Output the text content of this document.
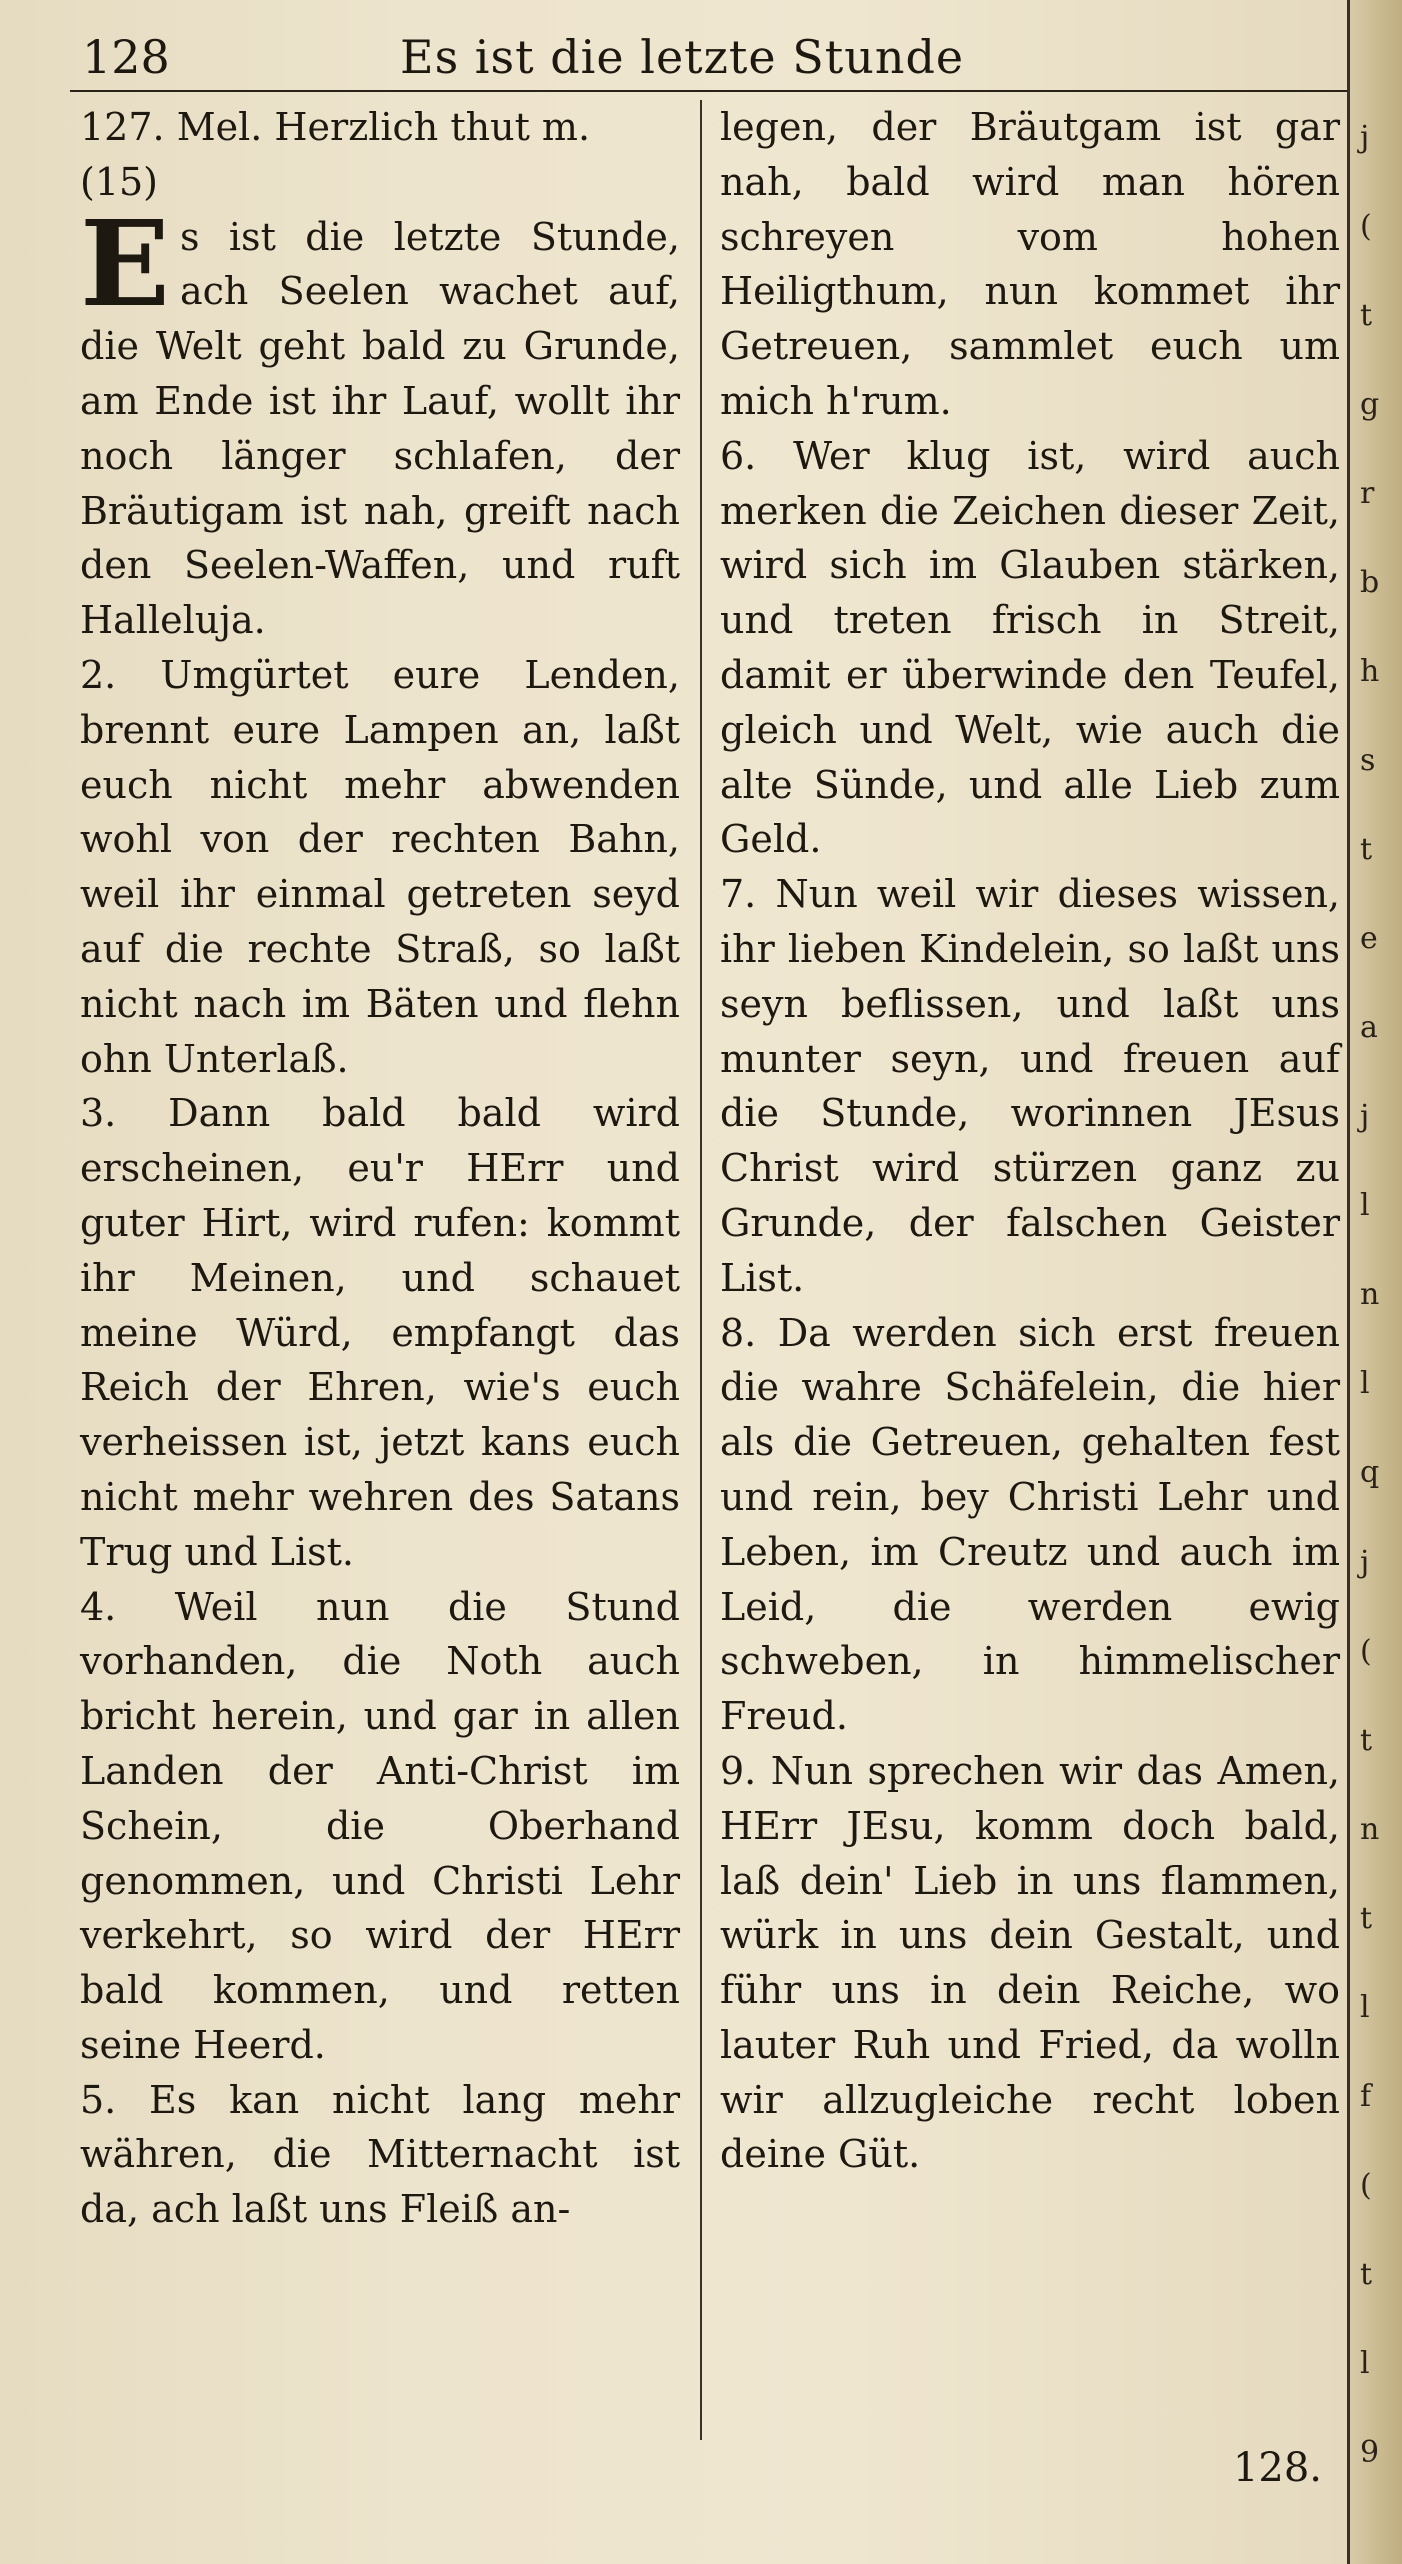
128	Es ist die letzte Stunde

127. Mel. Herzlich thut m.

(15)

Es ist die letzte Stunde, ach Seelen wachet auf, die Welt geht bald zu Grunde, am Ende ist ihr Lauf, wollt ihr noch länger schlafen, der Bräutigam ist nah, greift nach den Seelen-Waffen, und ruft Halleluja.

2. Umgürtet eure Lenden, brennt eure Lampen an, laßt euch nicht mehr abwenden wohl von der rechten Bahn, weil ihr einmal getreten seyd auf die rechte Straß, so laßt nicht nach im Bäten und flehn ohn Unterlaß.

3. Dann bald bald wird erscheinen, eu'r HErr und guter Hirt, wird rufen: kommt ihr Meinen, und schauet meine Würd, empfangt das Reich der Ehren, wie's euch verheissen ist, jetzt kans euch nicht mehr wehren des Satans Trug und List.

4. Weil nun die Stund vorhanden, die Noth auch bricht herein, und gar in allen Landen der Anti-Christ im Schein, die Oberhand genommen, und Christi Lehr verkehrt, so wird der HErr bald kommen, und retten seine Heerd.

5. Es kan nicht lang mehr währen, die Mitternacht ist da, ach laßt uns Fleiß an-

legen, der Bräutgam ist gar nah, bald wird man hören schreyen vom hohen Heiligthum, nun kommet ihr Getreuen, sammlet euch um mich h'rum.

6. Wer klug ist, wird auch merken die Zeichen dieser Zeit, wird sich im Glauben stärken, und treten frisch in Streit, damit er überwinde den Teufel, gleich und Welt, wie auch die alte Sünde, und alle Lieb zum Geld.

7. Nun weil wir dieses wissen, ihr lieben Kindelein, so laßt uns seyn beflissen, und laßt uns munter seyn, und freuen auf die Stunde, worinnen JEsus Christ wird stürzen ganz zu Grunde, der falschen Geister List.

8. Da werden sich erst freuen die wahre Schäfelein, die hier als die Getreuen, gehalten fest und rein, bey Christi Lehr und Leben, im Creutz und auch im Leid, die werden ewig schweben, in himmelischer Freud.

9. Nun sprechen wir das Amen, HErr JEsu, komm doch bald, laß dein' Lieb in uns flammen, würk in uns dein Gestalt, und führ uns in dein Reiche, wo lauter Ruh und Fried, da wolln wir allzugleiche recht loben deine Güt.

128.
j
(
t
g
r
b
h
s
t
e
a
j
l
n
l
q
j
(
t
n
t
l
f
(
t
l
9
